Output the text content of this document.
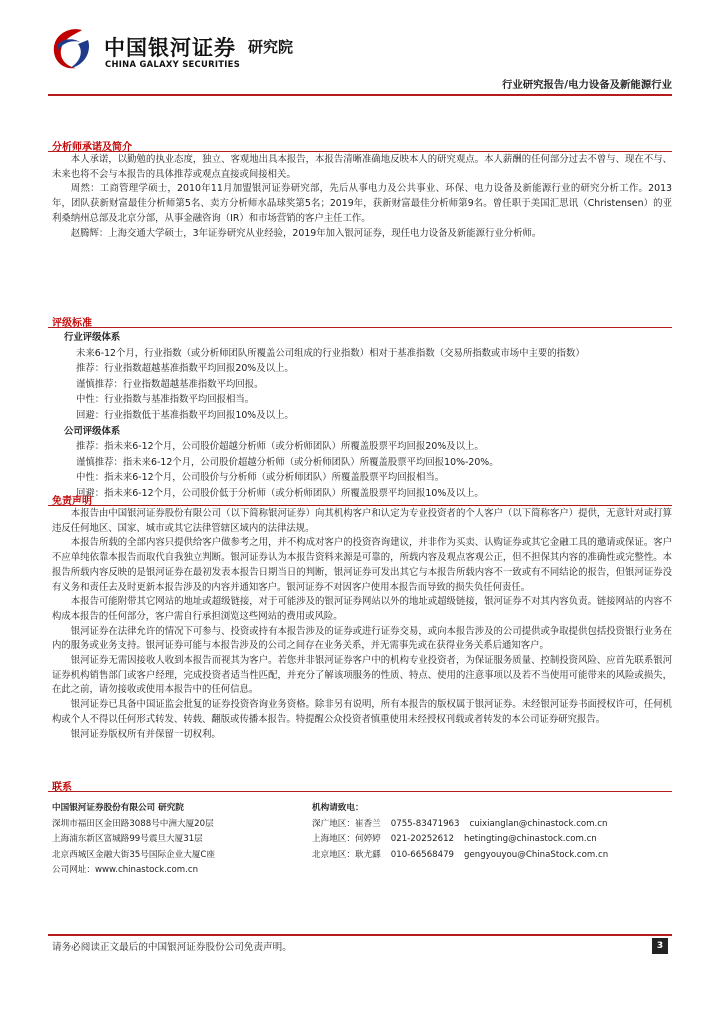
中国银河证券
CHINA GALAXY SECURITIES
研究院
行业研究报告/电力设备及新能源行业
分析师承诺及简介

本人承诺，以勤勉的执业态度，独立、客观地出具本报告，本报告清晰准确地反映本人的研究观点。本人薪酬的任何部分过去不曾与、现在不与、未来也将不会与本报告的具体推荐或观点直接或间接相关。

周然：工商管理学硕士，2010年11月加盟银河证券研究部，先后从事电力及公共事业、环保、电力设备及新能源行业的研究分析工作。2013年，团队获新财富最佳分析师第5名、卖方分析师水晶球奖第5名；2019年，获新财富最佳分析师第9名。曾任职于美国汇思讯（Christensen）的亚利桑纳州总部及北京分部，从事金融咨询（IR）和市场营销的客户主任工作。

赵腾辉：上海交通大学硕士，3年证券研究从业经验，2019年加入银河证券，现任电力设备及新能源行业分析师。

评级标准
行业评级体系
未来6-12个月，行业指数（或分析师团队所覆盖公司组成的行业指数）相对于基准指数（交易所指数或市场中主要的指数）
推荐：行业指数超越基准指数平均回报20%及以上。
谨慎推荐：行业指数超越基准指数平均回报。
中性：行业指数与基准指数平均回报相当。
回避：行业指数低于基准指数平均回报10%及以上。
公司评级体系
推荐：指未来6-12个月，公司股价超越分析师（或分析师团队）所覆盖股票平均回报20%及以上。
谨慎推荐：指未来6-12个月，公司股价超越分析师（或分析师团队）所覆盖股票平均回报10%-20%。
中性：指未来6-12个月，公司股价与分析师（或分析师团队）所覆盖股票平均回报相当。
回避：指未来6-12个月，公司股价低于分析师（或分析师团队）所覆盖股票平均回报10%及以上。
免责声明

本报告由中国银河证券股份有限公司（以下简称银河证券）向其机构客户和认定为专业投资者的个人客户（以下简称客户）提供，无意针对或打算违反任何地区、国家、城市或其它法律管辖区域内的法律法规。

本报告所载的全部内容只提供给客户做参考之用，并不构成对客户的投资咨询建议，并非作为买卖、认购证券或其它金融工具的邀请或保证。客户不应单纯依靠本报告而取代自我独立判断。银河证券认为本报告资料来源是可靠的，所载内容及观点客观公正，但不担保其内容的准确性或完整性。本报告所载内容反映的是银河证券在最初发表本报告日期当日的判断，银河证券可发出其它与本报告所载内容不一致或有不同结论的报告，但银河证券没有义务和责任去及时更新本报告涉及的内容并通知客户。银河证券不对因客户使用本报告而导致的损失负任何责任。

本报告可能附带其它网站的地址或超级链接，对于可能涉及的银河证券网站以外的地址或超级链接，银河证券不对其内容负责。链接网站的内容不构成本报告的任何部分，客户需自行承担浏览这些网站的费用或风险。

银河证券在法律允许的情况下可参与、投资或持有本报告涉及的证券或进行证券交易，或向本报告涉及的公司提供或争取提供包括投资银行业务在内的服务或业务支持。银河证券可能与本报告涉及的公司之间存在业务关系，并无需事先或在获得业务关系后通知客户。

银河证券无需因接收人收到本报告而视其为客户。若您并非银河证券客户中的机构专业投资者，为保证服务质量、控制投资风险、应首先联系银河证券机构销售部门或客户经理，完成投资者适当性匹配，并充分了解该项服务的性质、特点、使用的注意事项以及若不当使用可能带来的风险或损失，在此之前，请勿接收或使用本报告中的任何信息。

银河证券已具备中国证监会批复的证券投资咨询业务资格。除非另有说明，所有本报告的版权属于银河证券。未经银河证券书面授权许可，任何机构或个人不得以任何形式转发、转载、翻版或传播本报告。特提醒公众投资者慎重使用未经授权刊载或者转发的本公司证券研究报告。

银河证券版权所有并保留一切权利。

联系
中国银河证券股份有限公司 研究院
深圳市福田区金田路3088号中洲大厦20层
上海浦东新区富城路99号震旦大厦31层
北京西城区金融大街35号国际企业大厦C座
公司网址：www.chinastock.com.cn
机构请致电：
深广地区：崔香兰 0755-83471963 cuixianglan@chinastock.com.cn
上海地区：何婷婷 021-20252612 hetingting@chinastock.com.cn
北京地区：耿尤繇 010-66568479 gengyouyou@ChinaStock.com.cn
请务必阅读正文最后的中国银河证券股份公司免责声明。	3
